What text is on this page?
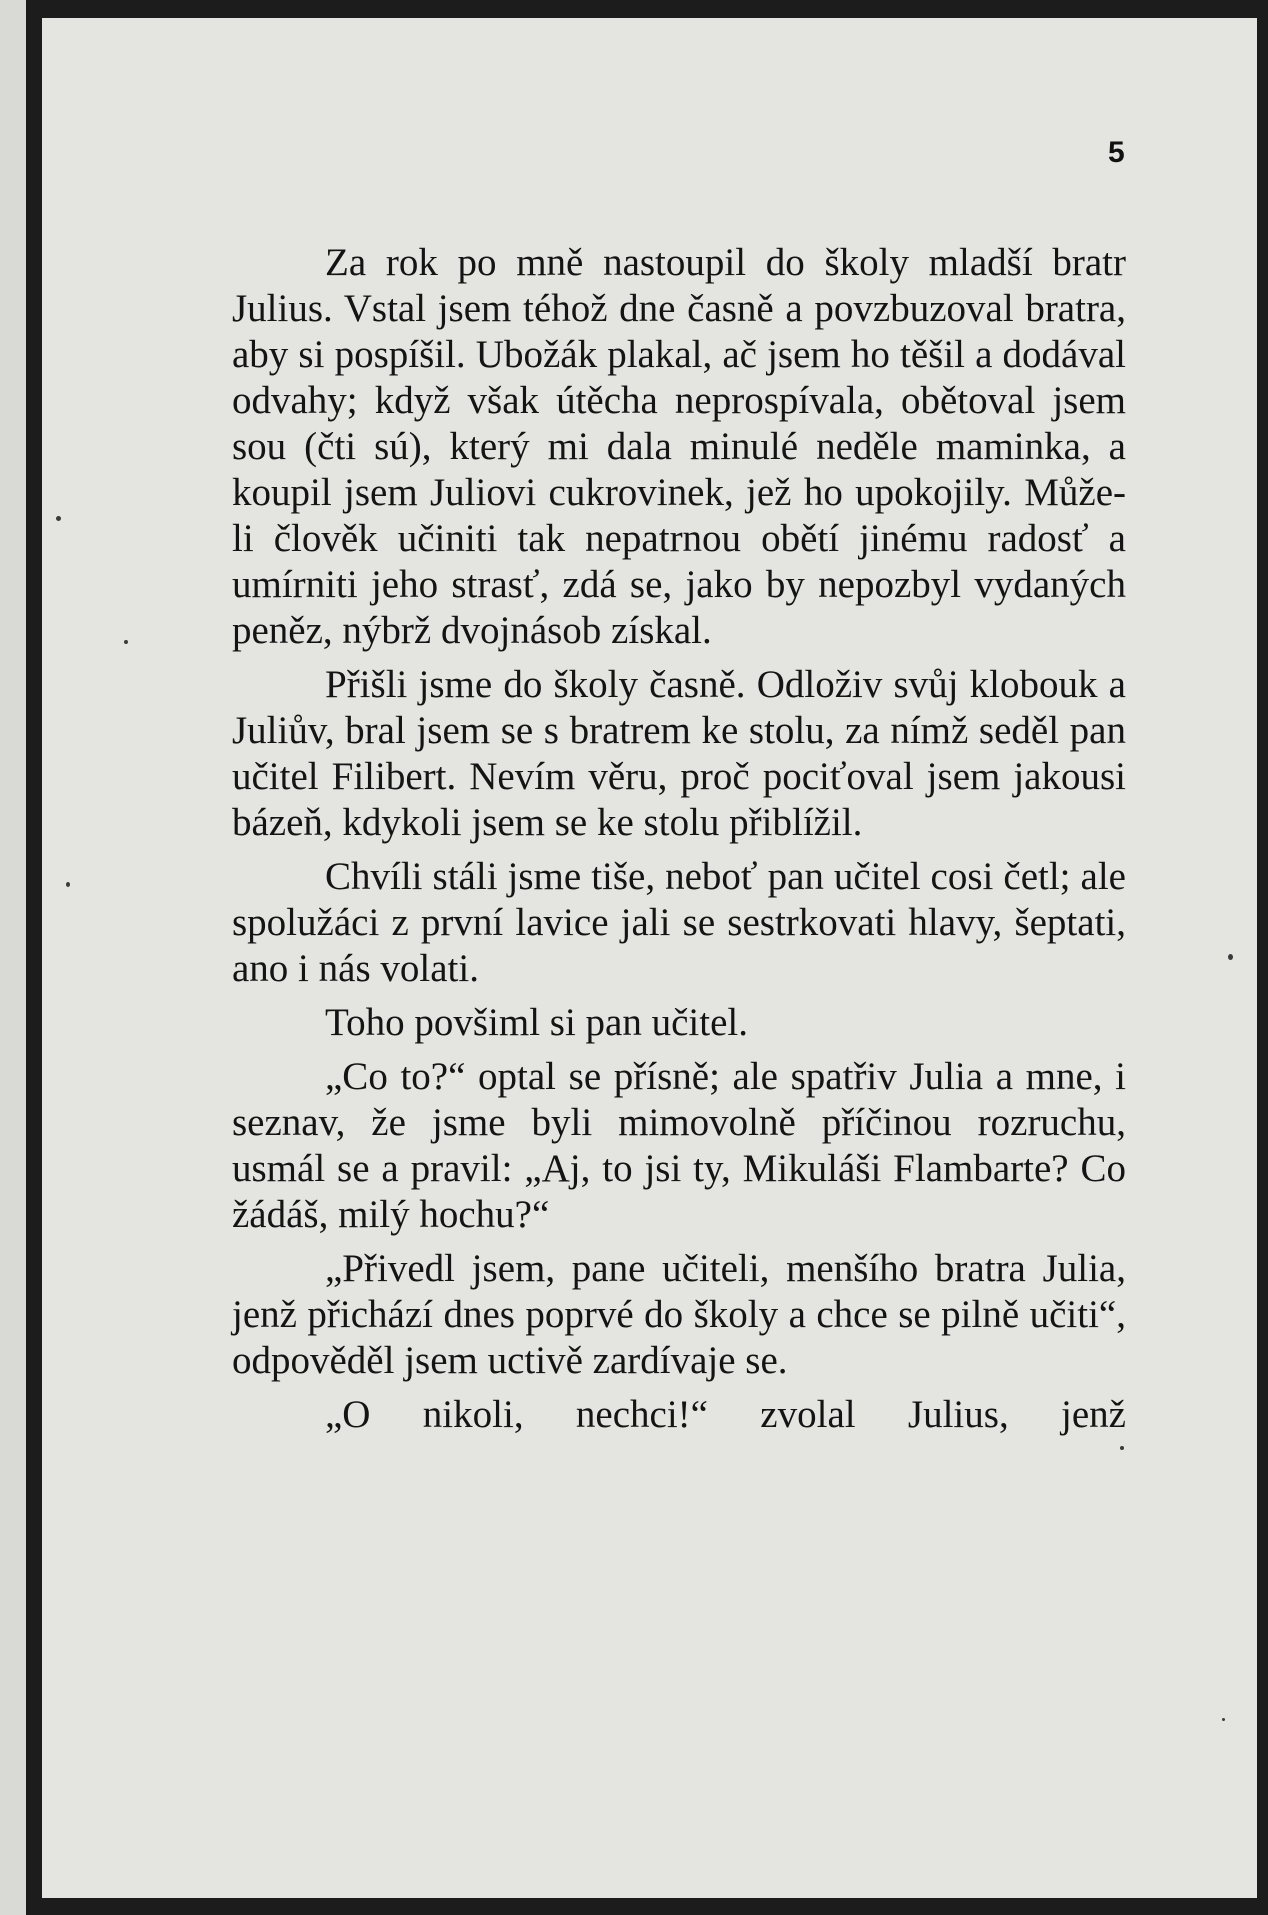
5

Za rok po mně nastoupil do školy mladší bratr Julius. Vstal jsem téhož dne časně a povzbuzoval bratra, aby si pospíšil. Ubožák plakal, ač jsem ho těšil a dodával odvahy; když však útěcha neprospívala, obětoval jsem sou (čti sú), který mi dala minulé neděle maminka, a koupil jsem Juliovi cukrovinek, jež ho upokojily. Může-li člověk učiniti tak nepatrnou obětí jinému radosť a umírniti jeho strasť, zdá se, jako by nepozbyl vydaných peněz, nýbrž dvojnásob získal.

Přišli jsme do školy časně. Odloživ svůj klobouk a Juliův, bral jsem se s bratrem ke stolu, za nímž seděl pan učitel Filibert. Nevím věru, proč pociťoval jsem jakousi bázeň, kdykoli jsem se ke stolu přiblížil.

Chvíli stáli jsme tiše, neboť pan učitel cosi četl; ale spolužáci z první lavice jali se sestrkovati hlavy, šeptati, ano i nás volati.

Toho povšiml si pan učitel.

„Co to?“ optal se přísně; ale spatřiv Julia a mne, i seznav, že jsme byli mimovolně příčinou rozruchu, usmál se a pravil: „Aj, to jsi ty, Mikuláši Flambarte? Co žádáš, milý hochu?“

„Přivedl jsem, pane učiteli, menšího bratra Julia, jenž přichází dnes poprvé do školy a chce se pilně učiti“, odpověděl jsem uctivě zardívaje se.

„O nikoli, nechci!“ zvolal Julius, jenž
